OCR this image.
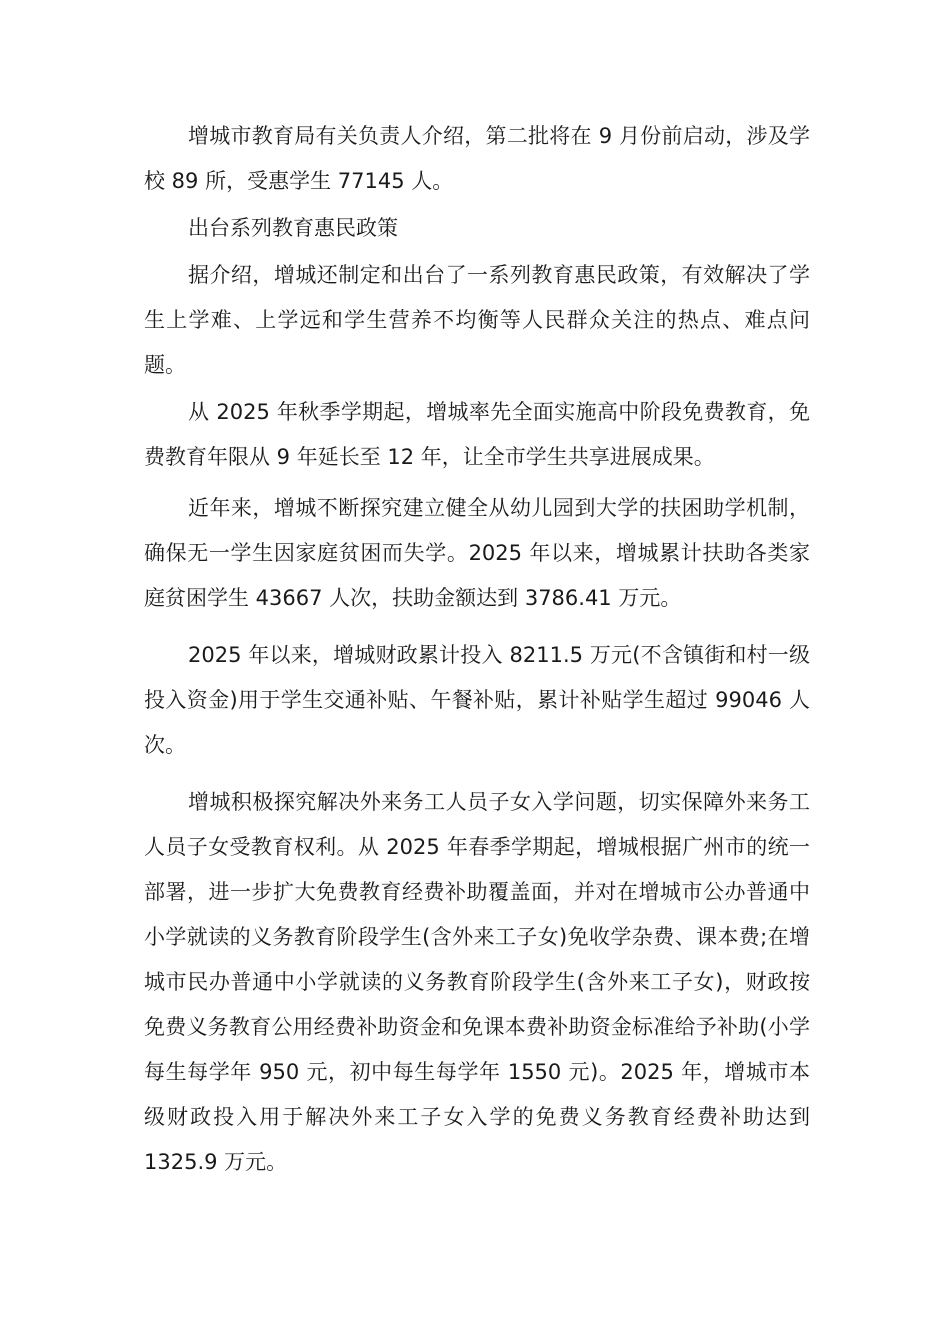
增城市教育局有关负责人介绍，第二批将在 9 月份前启动，涉及学校 89 所，受惠学生 77145 人。

出台系列教育惠民政策

据介绍，增城还制定和出台了一系列教育惠民政策，有效解决了学生上学难、上学远和学生营养不均衡等人民群众关注的热点、难点问题。

从 2025 年秋季学期起，增城率先全面实施高中阶段免费教育，免费教育年限从 9 年延长至 12 年，让全市学生共享进展成果。

近年来，增城不断探究建立健全从幼儿园到大学的扶困助学机制，确保无一学生因家庭贫困而失学。2025 年以来，增城累计扶助各类家庭贫困学生 43667 人次，扶助金额达到 3786.41 万元。

2025 年以来，增城财政累计投入 8211.5 万元(不含镇街和村一级投入资金)用于学生交通补贴、午餐补贴，累计补贴学生超过 99046 人次。

增城积极探究解决外来务工人员子女入学问题，切实保障外来务工人员子女受教育权利。从 2025 年春季学期起，增城根据广州市的统一部署，进一步扩大免费教育经费补助覆盖面，并对在增城市公办普通中小学就读的义务教育阶段学生(含外来工子女)免收学杂费、课本费;在增城市民办普通中小学就读的义务教育阶段学生(含外来工子女)，财政按免费义务教育公用经费补助资金和免课本费补助资金标准给予补助(小学每生每学年 950 元，初中每生每学年 1550 元)。2025 年，增城市本级财政投入用于解决外来工子女入学的免费义务教育经费补助达到 1325.9 万元。
